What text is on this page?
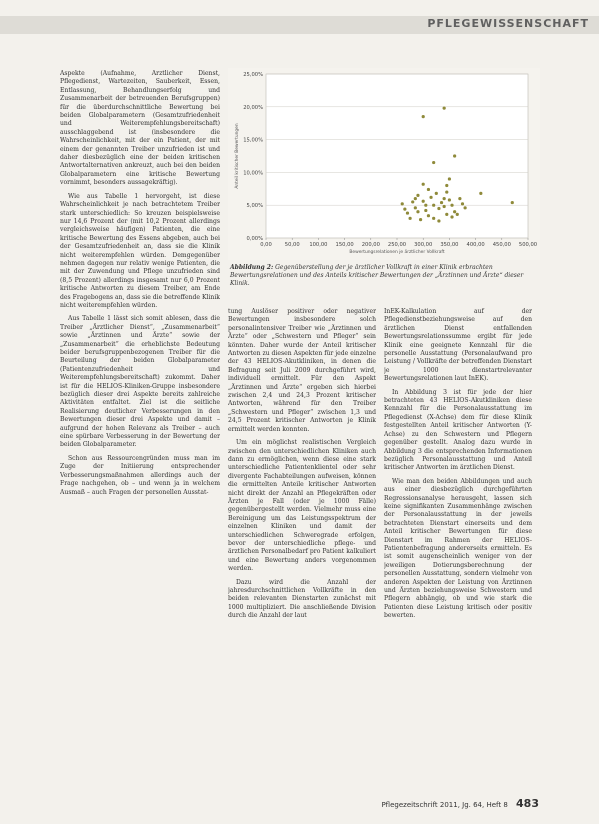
PFLEGEWISSENSCHAFT

Aspekte (Aufnahme, Ärztlicher Dienst, Pflegedienst, Wartezeiten, Sauberkeit, Essen, Entlassung, Behandlungserfolg und Zusammenarbeit der betreuenden Berufsgruppen) für die überdurchschnittliche Bewertung bei beiden Globalparametern (Gesamtzufriedenheit und Weiterempfehlungsbereitschaft) ausschlaggebend ist (insbesondere die Wahrscheinlichkeit, mit der ein Patient, der mit einem der genannten Treiber unzufrieden ist und daher diesbezüglich eine der beiden kritischen Antwortalternativen ankreuzt, auch bei den beiden Globalparametern eine kritische Bewertung vornimmt, besonders aussagekräftig).

Wie aus Tabelle 1 hervorgeht, ist diese Wahrscheinlichkeit je nach betrachtetem Treiber stark unterschiedlich: So kreuzen beispielsweise nur 14,6 Prozent der (mit 10,2 Prozent allerdings vergleichsweise häufigen) Patienten, die eine kritische Bewertung des Essens abgeben, auch bei der Gesamtzufriedenheit an, dass sie die Klinik nicht weiterempfehlen würden. Demgegenüber nehmen dagegen nur relativ wenige Patienten, die mit der Zuwendung und Pflege unzufrieden sind (8,5 Prozent) allerdings insgesamt nur 6,0 Prozent kritische Antworten zu diesem Treiber, am Ende des Fragebogens an, dass sie die betreffende Klinik nicht weiterempfehlen würden.

Aus Tabelle 1 lässt sich somit ablesen, dass die Treiber „Ärztlicher Dienst“, „Zusammenarbeit“ sowie „Ärztinnen und Ärzte“ sowie der „Zusammenarbeit“ die erheblichste Bedeutung beider berufsgruppenbezogenen Treiber für die Beurteilung der beiden Globalparameter (Patientenzufriedenheit und Weiterempfehlungsbereitschaft) zukommt. Daher ist für die HELIOS-Kliniken-Gruppe insbesondere bezüglich dieser drei Aspekte bereits zahlreiche Aktivitäten entfaltet. Ziel ist die seitliche Realisierung deutlicher Verbesserungen in den Bewertungen dieser drei Aspekte und damit – aufgrund der hohen Relevanz als Treiber – auch eine spürbare Verbesserung in der Bewertung der beiden Globalparameter.

Schon aus Ressourcengründen muss man im Zuge der Initiierung entsprechender Verbesserungsmaßnahmen allerdings auch der Frage nachgehen, ob – und wenn ja in welchem Ausmaß – auch Fragen der personellen Ausstat-

0,00%
5,00%
10,00%
15,00%
20,00%
25,00%
0,00 50,00 100,00 150,00 200,00 250,00 300,00 350,00 400,00 450,00 500,00
Bewertungsrelationen je ärztlicher Vollkraft
Anteil kritischer Bewertungen
Abbildung 2: Gegenüberstellung der je ärztlicher Vollkraft in einer Klinik erbrachten Bewertungsrelationen und des Anteils kritischer Bewertungen der „Ärztinnen und Ärzte“ dieser Klinik.

tung Auslöser positiver oder negativer Bewertungen insbesondere solch personalintensiver Treiber wie „Ärztinnen und Ärzte“ oder „Schwestern und Pfleger“ sein könnten. Daher wurde der Anteil kritischer Antworten zu diesen Aspekten für jede einzelne der 43 HELIOS-Akutkliniken, in denen die Befragung seit Juli 2009 durchgeführt wird, individuell ermittelt. Für den Aspekt „Ärztinnen und Ärzte“ ergeben sich hierbei zwischen 2,4 und 24,3 Prozent kritischer Antworten, während für den Treiber „Schwestern und Pfleger“ zwischen 1,3 und 24,5 Prozent kritischer Antworten je Klinik ermittelt werden konnten.

Um ein möglichst realistischen Vergleich zwischen den unterschiedlichen Kliniken auch dann zu ermöglichen, wenn diese eine stark unterschiedliche Patientenklientel oder sehr divergente Fachabteilungen aufweisen, können die ermittelten Anteile kritischer Antworten nicht direkt der Anzahl an Pflegekräften oder Ärzten je Fall (oder je 1000 Fälle) gegenübergestellt werden. Vielmehr muss eine Bereinigung um das Leistungsspektrum der einzelnen Kliniken und damit der unterschiedlichen Schweregrade erfolgen, bevor der unterschiedliche pflege- und ärztlichen Personalbedarf pro Patient kalkuliert und eine Bewertung anders vorgenommen werden.

Dazu wird die Anzahl der jahresdurchschnittlichen Vollkräfte in den beiden relevanten Dienstarten zunächst mit 1000 multipliziert. Die anschließende Division durch die Anzahl der laut

InEK-Kalkulation auf der Pflegedienstbeziehungsweise auf den ärztlichen Dienst entfallenden Bewertungsrelationssumme ergibt für jede Klinik eine geeignete Kennzahl für die personelle Ausstattung (Personalaufwand pro Leistung / Vollkräfte der betreffenden Dienstart je 1000 dienstartrelevanter Bewertungsrelationen laut InEK).

In Abbildung 3 ist für jede der hier betrachteten 43 HELIOS-Akutkliniken diese Kennzahl für die Personalausstattung im Pflegedienst (X-Achse) dem für diese Klinik festgestellten Anteil kritischer Antworten (Y-Achse) zu den Schwestern und Pflegern gegenüber gestellt. Analog dazu wurde in Abbildung 3 die entsprechenden Informationen bezüglich Personalausstattung und Anteil kritischer Antworten im ärztlichen Dienst.

Wie man den beiden Abbildungen und auch aus einer diesbezüglich durchgeführten Regressionsanalyse herausgeht, lassen sich keine signifikanten Zusammenhänge zwischen der Personalausstattung in der jeweils betrachteten Dienstart einerseits und dem Anteil kritischer Bewertungen für diese Dienstart im Rahmen der HELIOS-Patientenbefragung andererseits ermitteln. Es ist somit augenscheinlich weniger von der jeweiligen Dotierungsberechnung der personellen Ausstattung, sondern vielmehr von anderen Aspekten der Leistung von Ärztinnen und Ärzten beziehungsweise Schwestern und Pflegern abhängig, ob und wie stark die Patienten diese Leistung kritisch oder positiv bewerten.

Pflegezeitschrift 2011, Jg. 64, Heft 8 483
